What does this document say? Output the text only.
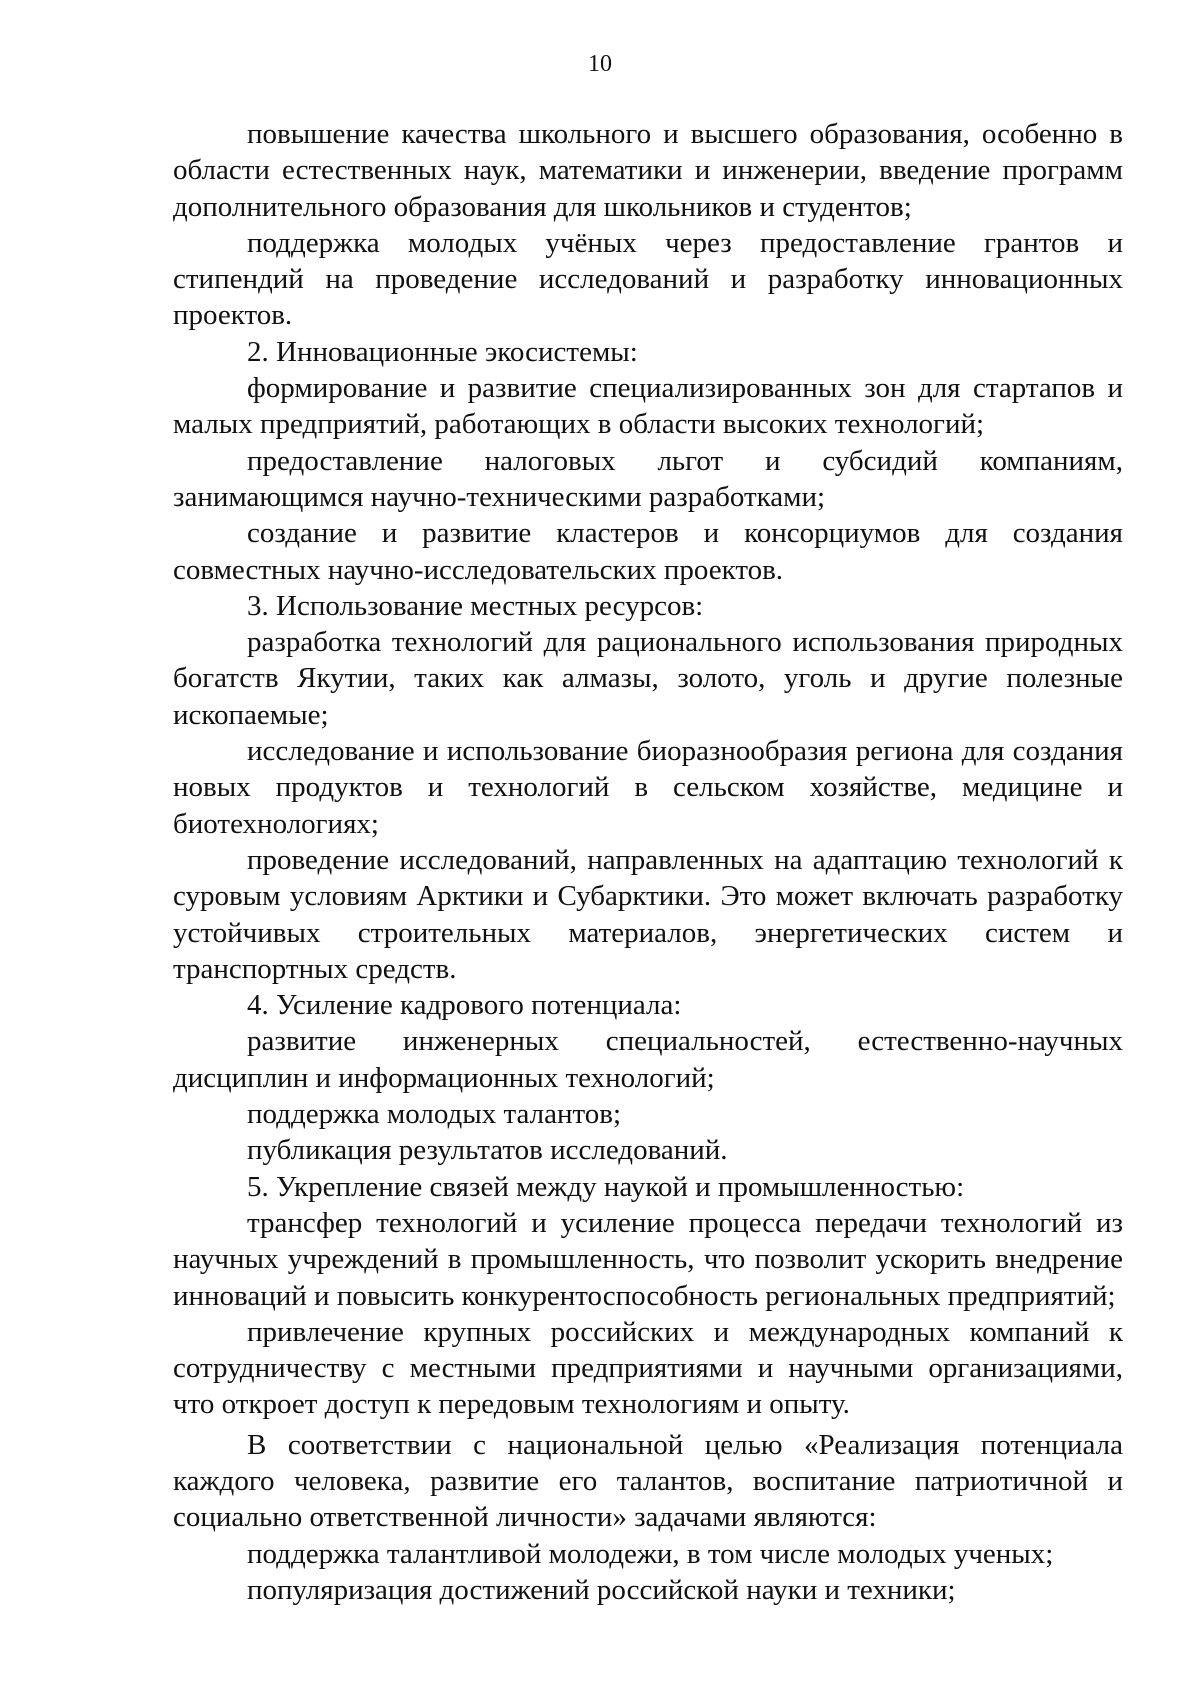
10

повышение качества школьного и высшего образования, особенно в области естественных наук, математики и инженерии, введение программ дополнительного образования для школьников и студентов;

поддержка молодых учёных через предоставление грантов и стипендий на проведение исследований и разработку инновационных проектов.

2. Инновационные экосистемы:

формирование и развитие специализированных зон для стартапов и малых предприятий, работающих в области высоких технологий;

предоставление налоговых льгот и субсидий компаниям, занимающимся научно-техническими разработками;

создание и развитие кластеров и консорциумов для создания совместных научно-исследовательских проектов.

3. Использование местных ресурсов:

разработка технологий для рационального использования природных богатств Якутии, таких как алмазы, золото, уголь и другие полезные ископаемые;

исследование и использование биоразнообразия региона для создания новых продуктов и технологий в сельском хозяйстве, медицине и биотехнологиях;

проведение исследований, направленных на адаптацию технологий к суровым условиям Арктики и Субарктики. Это может включать разработку устойчивых строительных материалов, энергетических систем и транспортных средств.

4. Усиление кадрового потенциала:

развитие инженерных специальностей, естественно-научных дисциплин и информационных технологий;

поддержка молодых талантов;

публикация результатов исследований.

5. Укрепление связей между наукой и промышленностью:

трансфер технологий и усиление процесса передачи технологий из научных учреждений в промышленность, что позволит ускорить внедрение инноваций и повысить конкурентоспособность региональных предприятий;

привлечение крупных российских и международных компаний к сотрудничеству с местными предприятиями и научными организациями, что откроет доступ к передовым технологиям и опыту.

В соответствии с национальной целью «Реализация потенциала каждого человека, развитие его талантов, воспитание патриотичной и социально ответственной личности» задачами являются:

поддержка талантливой молодежи, в том числе молодых ученых;

популяризация достижений российской науки и техники;
